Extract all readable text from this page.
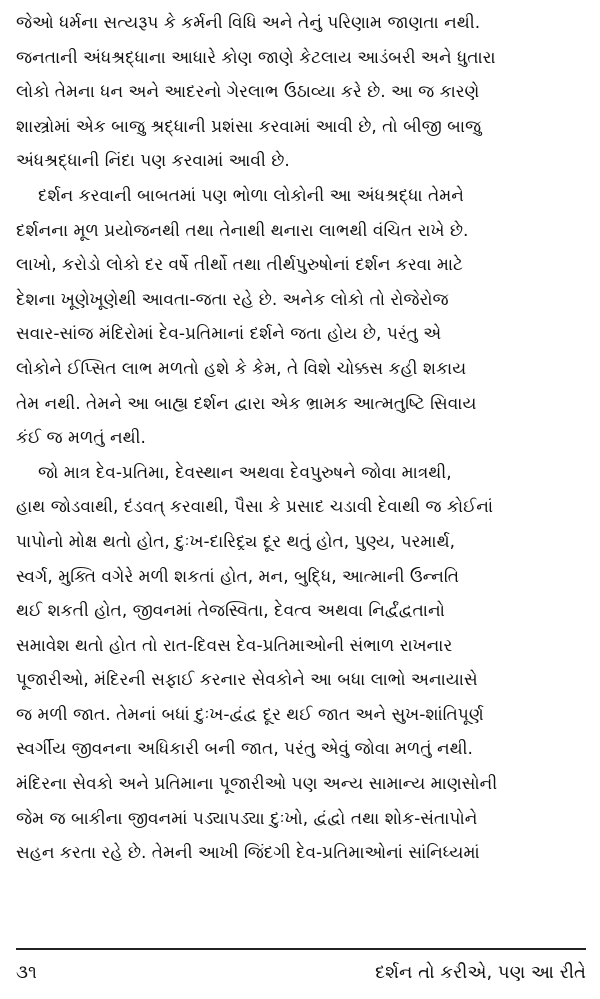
જેઓ ધર્મના સત્યરૂપ કે કર્મની વિધિ અને તેનું પરિણામ જાણતા નથી.
જનતાની અંધશ્રદ્ધાના આધારે કોણ જાણે કેટલાય આડંબરી અને ધુતારા
લોકો તેમના ધન અને આદરનો ગેરલાભ ઉઠાવ્યા કરે છે. આ જ કારણે
શાસ્ત્રોમાં એક બાજુ શ્રદ્ધાની પ્રશંસા કરવામાં આવી છે, તો બીજી બાજુ
અંધશ્રદ્ધાની નિંદા પણ કરવામાં આવી છે.
દર્શન કરવાની બાબતમાં પણ ભોળા લોકોની આ અંધશ્રદ્ધા તેમને
દર્શનના મૂળ પ્રયોજનથી તથા તેનાથી થનારા લાભથી વંચિત રાખે છે.
લાખો, કરોડો લોકો દર વર્ષે તીર્થો તથા તીર્થપુરુષોનાં દર્શન કરવા માટે
દેશના ખૂણેખૂણેથી આવતા-જતા રહે છે. અનેક લોકો તો રોજેરોજ
સવાર-સાંજ મંદિરોમાં દેવ-પ્રતિમાનાં દર્શને જતા હોય છે, પરંતુ એ
લોકોને ઈપ્સિત લાભ મળતો હશે કે કેમ, તે વિશે ચોક્કસ કહી શકાય
તેમ નથી. તેમને આ બાહ્ય દર્શન દ્વારા એક ભ્રામક આત્મતુષ્ટિ સિવાય
કંઈ જ મળતું નથી.
જો માત્ર દેવ-પ્રતિમા, દેવસ્થાન અથવા દેવપુરુષને જોવા માત્રથી,
હાથ જોડવાથી, દંડવત્ કરવાથી, પૈસા કે પ્રસાદ ચડાવી દેવાથી જ કોઈનાં
પાપોનો મોક્ષ થતો હોત, દુઃખ-દારિદ્ર્ય દૂર થતું હોત, પુણ્ય, પરમાર્થ,
સ્વર્ગ, મુક્તિ વગેરે મળી શકતાં હોત, મન, બુદ્ધિ, આત્માની ઉન્નતિ
થઈ શકતી હોત, જીવનમાં તેજસ્વિતા, દેવત્વ અથવા નિર્દ્વંદ્વતાનો
સમાવેશ થતો હોત તો રાત-દિવસ દેવ-પ્રતિમાઓની સંભાળ રાખનાર
પૂજારીઓ, મંદિરની સફાઈ કરનાર સેવકોને આ બધા લાભો અનાયાસે
જ મળી જાત. તેમનાં બધાં દુઃખ-દ્વંદ્વ દૂર થઈ જાત અને સુખ-શાંતિપૂર્ણ
સ્વર્ગીય જીવનના અધિકારી બની જાત, પરંતુ એવું જોવા મળતું નથી.
મંદિરના સેવકો અને પ્રતિમાના પૂજારીઓ પણ અન્ય સામાન્ય માણસોની
જેમ જ બાકીના જીવનમાં પડ્યાપડ્યા દુઃખો, દ્વંદ્વો તથા શોક-સંતાપોને
સહન કરતા રહે છે. તેમની આખી જિંદગી દેવ-પ્રતિમાઓનાં સાંનિધ્યમાં
૩૧	દર્શન તો કરીએ, પણ આ રીતે
